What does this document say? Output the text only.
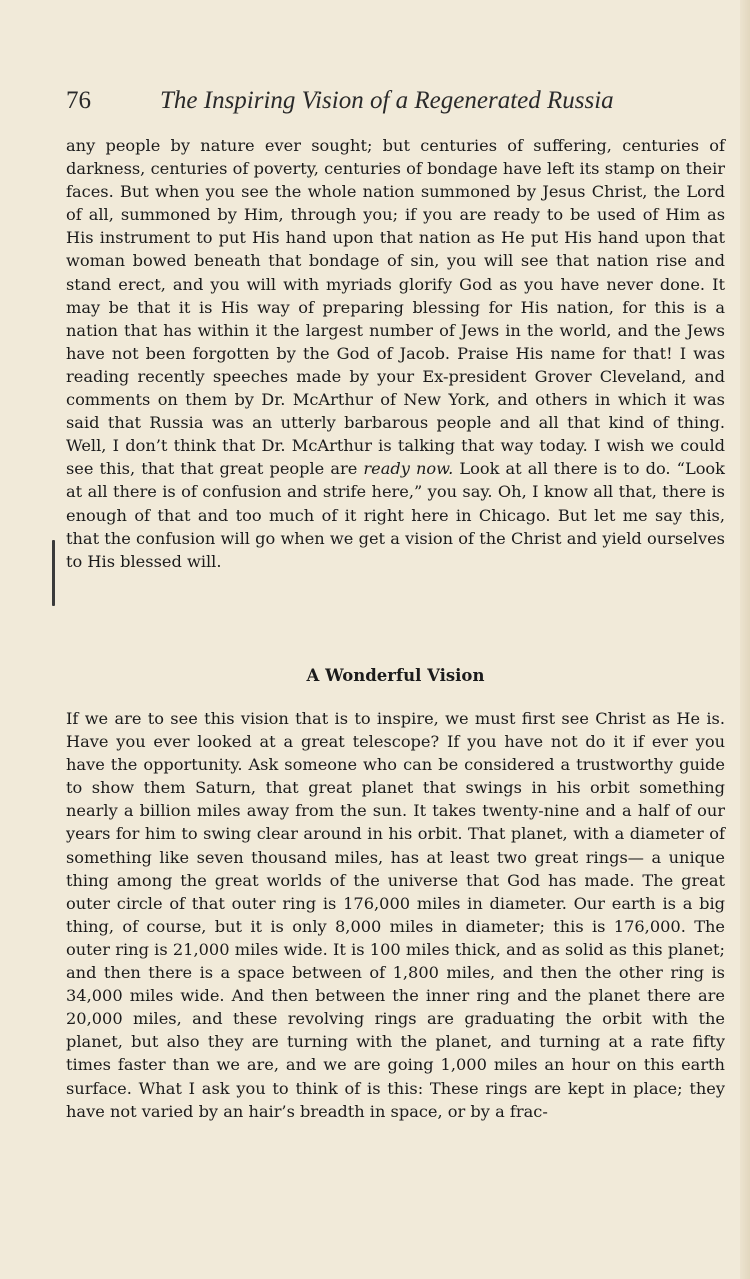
76	The Inspiring Vision of a Regenerated Russia

any people by nature ever sought; but centuries of suffering, centuries of darkness, centuries of poverty, centuries of bondage have left its stamp on their faces. But when you see the whole nation summoned by Jesus Christ, the Lord of all, summoned by Him, through you; if you are ready to be used of Him as His instrument to put His hand upon that nation as He put His hand upon that woman bowed beneath that bondage of sin, you will see that nation rise and stand erect, and you will with myriads glorify God as you have never done. It may be that it is His way of preparing blessing for His nation, for this is a nation that has within it the largest number of Jews in the world, and the Jews have not been forgotten by the God of Jacob. Praise His name for that! I was reading recently speeches made by your Ex-president Grover Cleveland, and comments on them by Dr. McArthur of New York, and others in which it was said that Russia was an utterly barbarous people and all that kind of thing. Well, I don’t think that Dr. McArthur is talking that way today. I wish we could see this, that that great people are ready now. Look at all there is to do. “Look at all there is of confusion and strife here,” you say. Oh, I know all that, there is enough of that and too much of it right here in Chicago. But let me say this, that the confusion will go when we get a vision of the Christ and yield ourselves to His blessed will.

A Wonderful Vision

If we are to see this vision that is to inspire, we must first see Christ as He is. Have you ever looked at a great telescope? If you have not do it if ever you have the opportunity. Ask someone who can be considered a trustworthy guide to show them Saturn, that great planet that swings in his orbit something nearly a billion miles away from the sun. It takes twenty-nine and a half of our years for him to swing clear around in his orbit. That planet, with a diameter of something like seven thousand miles, has at least two great rings— a unique thing among the great worlds of the universe that God has made. The great outer circle of that outer ring is 176,000 miles in diameter. Our earth is a big thing, of course, but it is only 8,000 miles in diameter; this is 176,000. The outer ring is 21,000 miles wide. It is 100 miles thick, and as solid as this planet; and then there is a space between of 1,800 miles, and then the other ring is 34,000 miles wide. And then between the inner ring and the planet there are 20,000 miles, and these revolving rings are graduating the orbit with the planet, but also they are turning with the planet, and turning at a rate fifty times faster than we are, and we are going 1,000 miles an hour on this earth surface. What I ask you to think of is this: These rings are kept in place; they have not varied by an hair’s breadth in space, or by a frac-
